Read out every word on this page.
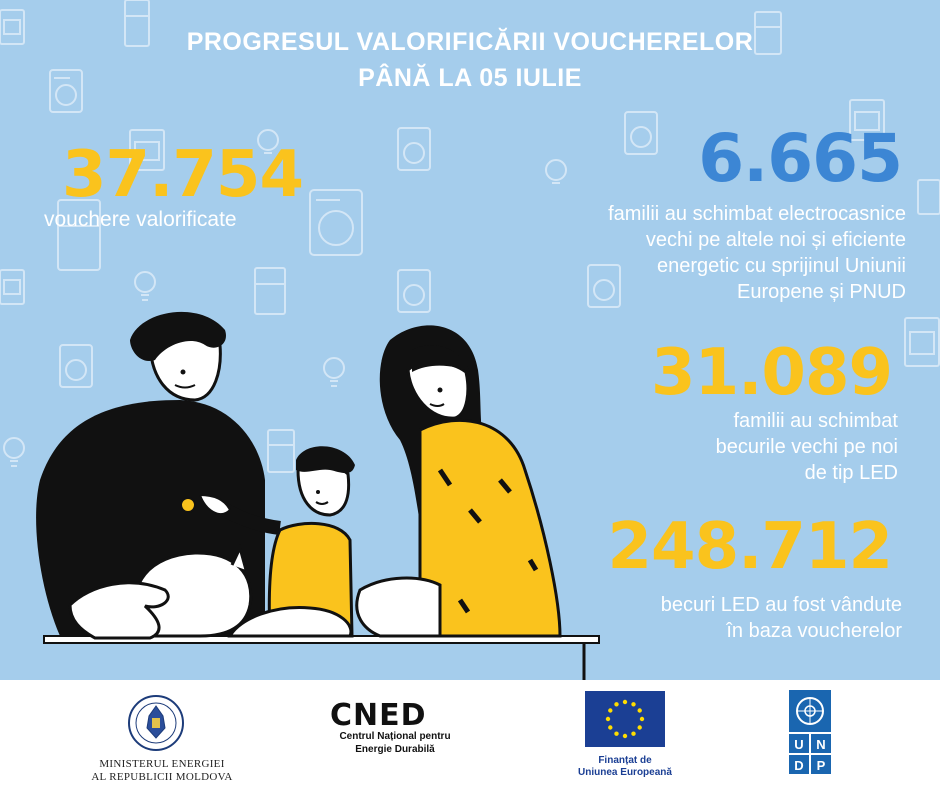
PROGRESUL VALORIFICĂRII VOUCHERELOR
PÂNĂ LA 05 IULIE
37.754
vouchere valorificate
6.665
familii au schimbat electrocasnice
vechi pe altele noi și eficiente
energetic cu sprijinul Uniunii
Europene și PNUD
31.089
familii au schimbat
becurile vechi pe noi
de tip LED
248.712
becuri LED au fost vândute
în baza voucherelor
MINISTERUL ENERGIEI
AL REPUBLICII MOLDOVA
CNED
Centrul Național pentru
Energie Durabilă
Finanțat de
Uniunea Europeană
U N
D P
